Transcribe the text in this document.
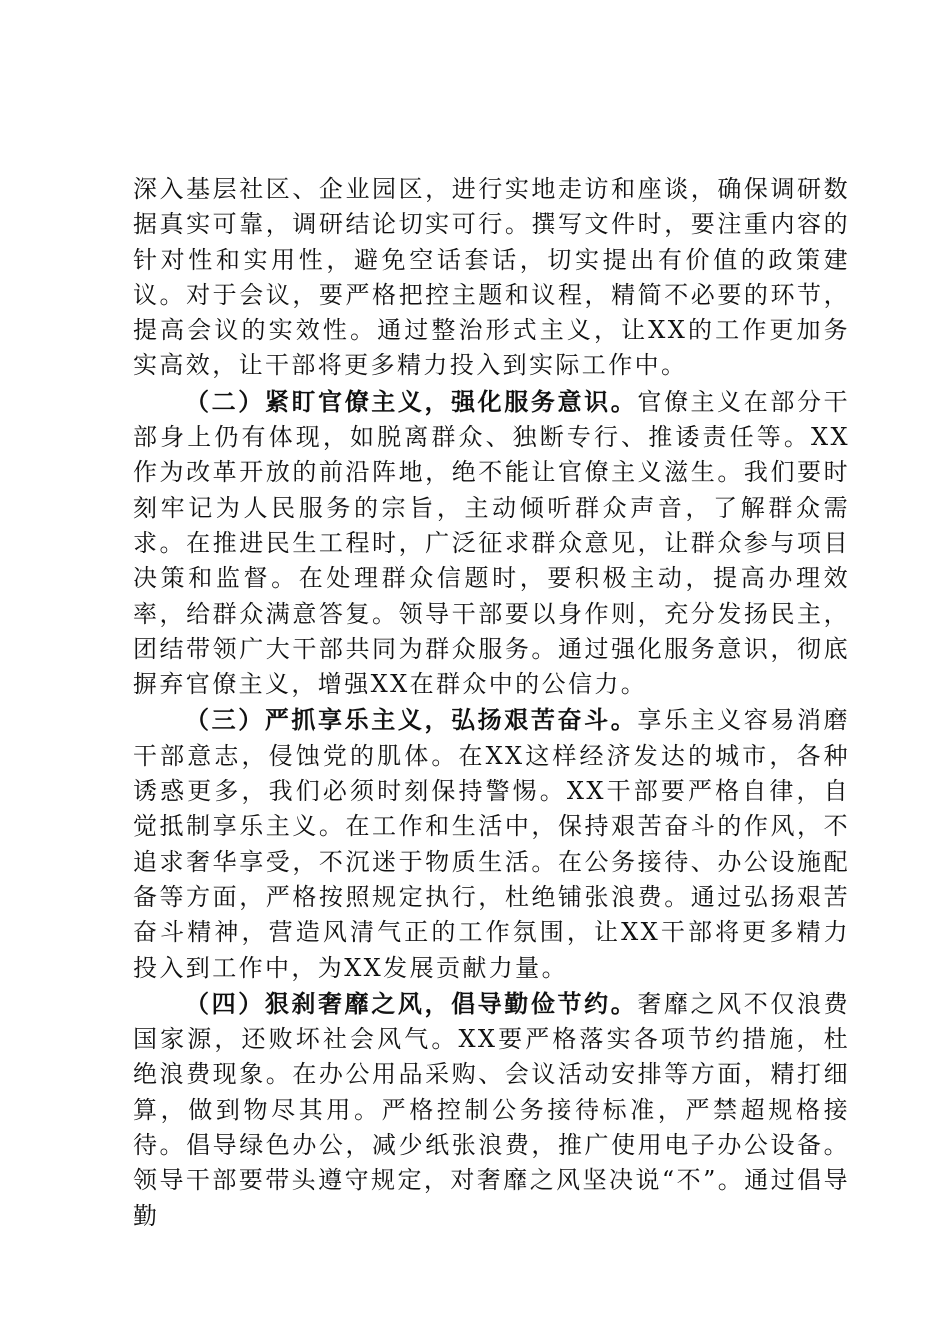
深入基层社区、企业园区，进行实地走访和座谈，确保调研数据真实可靠，调研结论切实可行。撰写文件时，要注重内容的针对性和实用性，避免空话套话，切实提出有价值的政策建议。对于会议，要严格把控主题和议程，精简不必要的环节，提高会议的实效性。通过整治形式主义，让XX的工作更加务实高效，让干部将更多精力投入到实际工作中。

（二）紧盯官僚主义，强化服务意识。官僚主义在部分干部身上仍有体现，如脱离群众、独断专行、推诿责任等。XX作为改革开放的前沿阵地，绝不能让官僚主义滋生。我们要时刻牢记为人民服务的宗旨，主动倾听群众声音，了解群众需求。在推进民生工程时，广泛征求群众意见，让群众参与项目决策和监督。在处理群众信题时，要积极主动，提高办理效率，给群众满意答复。领导干部要以身作则，充分发扬民主，团结带领广大干部共同为群众服务。通过强化服务意识，彻底摒弃官僚主义，增强XX在群众中的公信力。

（三）严抓享乐主义，弘扬艰苦奋斗。享乐主义容易消磨干部意志，侵蚀党的肌体。在XX这样经济发达的城市，各种诱惑更多，我们必须时刻保持警惕。XX干部要严格自律，自觉抵制享乐主义。在工作和生活中，保持艰苦奋斗的作风，不追求奢华享受，不沉迷于物质生活。在公务接待、办公设施配备等方面，严格按照规定执行，杜绝铺张浪费。通过弘扬艰苦奋斗精神，营造风清气正的工作氛围，让XX干部将更多精力投入到工作中，为XX发展贡献力量。

（四）狠刹奢靡之风，倡导勤俭节约。奢靡之风不仅浪费国家源，还败坏社会风气。XX要严格落实各项节约措施，杜绝浪费现象。在办公用品采购、会议活动安排等方面，精打细算，做到物尽其用。严格控制公务接待标准，严禁超规格接待。倡导绿色办公，减少纸张浪费，推广使用电子办公设备。领导干部要带头遵守规定，对奢靡之风坚决说“不”。通过倡导勤
